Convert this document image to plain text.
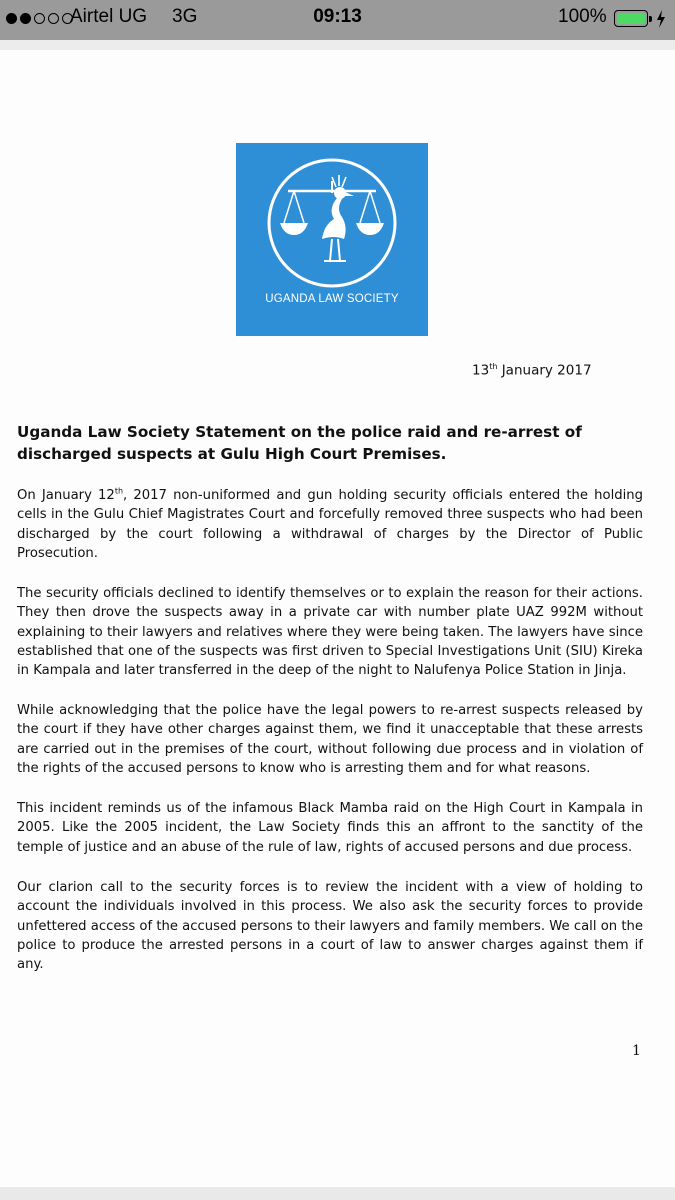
Airtel UG 3G	09:13	100%
UGANDA LAW SOCIETY
13th January 2017
Uganda Law Society Statement on the police raid and re-arrest of discharged suspects at Gulu High Court Premises.
On January 12th, 2017 non-uniformed and gun holding security officials entered the holding cells in the Gulu Chief Magistrates Court and forcefully removed three suspects who had been discharged by the court following a withdrawal of charges by the Director of Public Prosecution.
The security officials declined to identify themselves or to explain the reason for their actions. They then drove the suspects away in a private car with number plate UAZ 992M without explaining to their lawyers and relatives where they were being taken. The lawyers have since established that one of the suspects was first driven to Special Investigations Unit (SIU) Kireka in Kampala and later transferred in the deep of the night to Nalufenya Police Station in Jinja.
While acknowledging that the police have the legal powers to re-arrest suspects released by the court if they have other charges against them, we find it unacceptable that these arrests are carried out in the premises of the court, without following due process and in violation of the rights of the accused persons to know who is arresting them and for what reasons.
This incident reminds us of the infamous Black Mamba raid on the High Court in Kampala in 2005. Like the 2005 incident, the Law Society finds this an affront to the sanctity of the temple of justice and an abuse of the rule of law, rights of accused persons and due process.
Our clarion call to the security forces is to review the incident with a view of holding to account the individuals involved in this process. We also ask the security forces to provide unfettered access of the accused persons to their lawyers and family members. We call on the police to produce the arrested persons in a court of law to answer charges against them if any.
1
